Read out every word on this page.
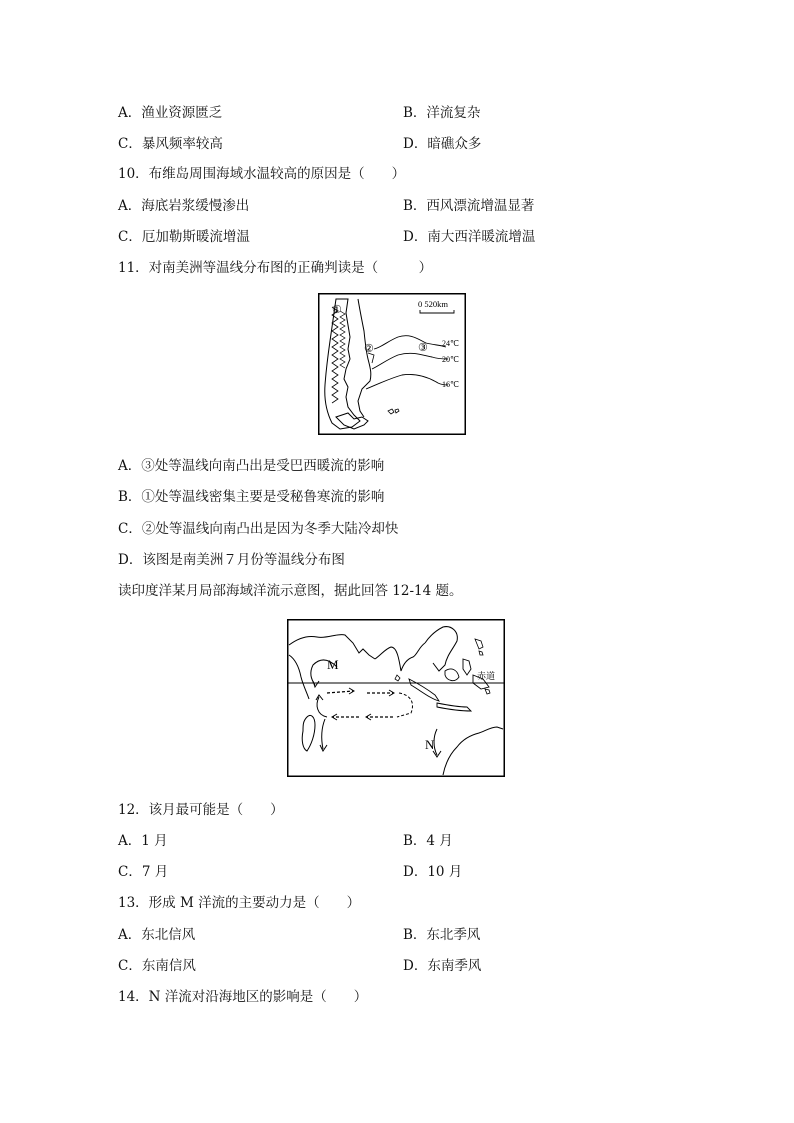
A．渔业资源匮乏	B．洋流复杂
C．暴风频率较高	D．暗礁众多
10．布维岛周围海域水温较高的原因是（　　）
A．海底岩浆缓慢渗出	B．西风漂流增温显著
C．厄加勒斯暖流增温	D．南大西洋暖流增温
11．对南美洲等温线分布图的正确判读是（　　　）
0 520km
①
②	③ 24℃
20℃
16℃
A．③处等温线向南凸出是受巴西暖流的影响
B．①处等温线密集主要是受秘鲁寒流的影响
C．②处等温线向南凸出是因为冬季大陆冷却快
D．该图是南美洲７月份等温线分布图
读印度洋某月局部海域洋流示意图，据此回答 12-14 题。
赤道
M
N
12．该月最可能是（　　）
A．1 月	B．4 月
C．7 月	D．10 月
13．形成 M 洋流的主要动力是（　　）
A．东北信风	B．东北季风
C．东南信风	D．东南季风
14．N 洋流对沿海地区的影响是（　　）
